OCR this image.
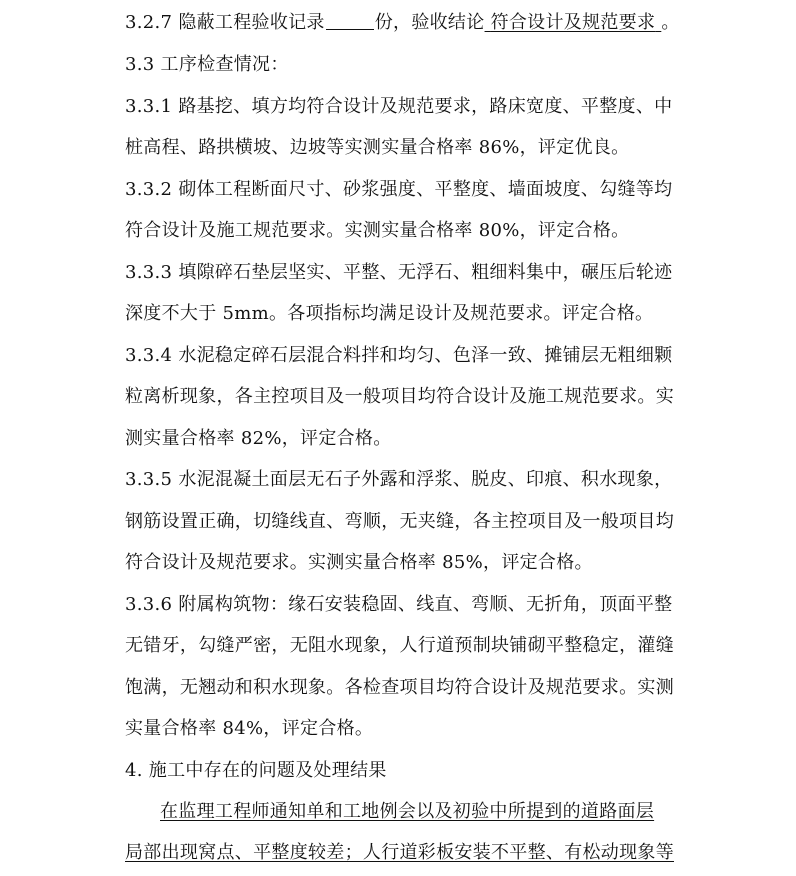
3.2.7 隐蔽工程验收记录	份，验收结论 符合设计及规范要求 。
3.3 工序检查情况：
3.3.1 路基挖、填方均符合设计及规范要求，路床宽度、平整度、中
桩高程、路拱横坡、边坡等实测实量合格率 86%，评定优良。
3.3.2 砌体工程断面尺寸、砂浆强度、平整度、墙面坡度、勾缝等均
符合设计及施工规范要求。实测实量合格率 80%，评定合格。
3.3.3 填隙碎石垫层坚实、平整、无浮石、粗细料集中，碾压后轮迹
深度不大于 5mm。各项指标均满足设计及规范要求。评定合格。
3.3.4 水泥稳定碎石层混合料拌和均匀、色泽一致、摊铺层无粗细颗
粒离析现象，各主控项目及一般项目均符合设计及施工规范要求。实
测实量合格率 82%，评定合格。
3.3.5 水泥混凝土面层无石子外露和浮浆、脱皮、印痕、积水现象，
钢筋设置正确，切缝线直、弯顺，无夹缝，各主控项目及一般项目均
符合设计及规范要求。实测实量合格率 85%，评定合格。
3.3.6 附属构筑物：缘石安装稳固、线直、弯顺、无折角，顶面平整
无错牙，勾缝严密，无阻水现象，人行道预制块铺砌平整稳定，灌缝
饱满，无翘动和积水现象。各检查项目均符合设计及规范要求。实测
实量合格率 84%，评定合格。
4. 施工中存在的问题及处理结果
在监理工程师通知单和工地例会以及初验中所提到的道路面层
局部出现窝点、平整度较差；人行道彩板安装不平整、有松动现象等
